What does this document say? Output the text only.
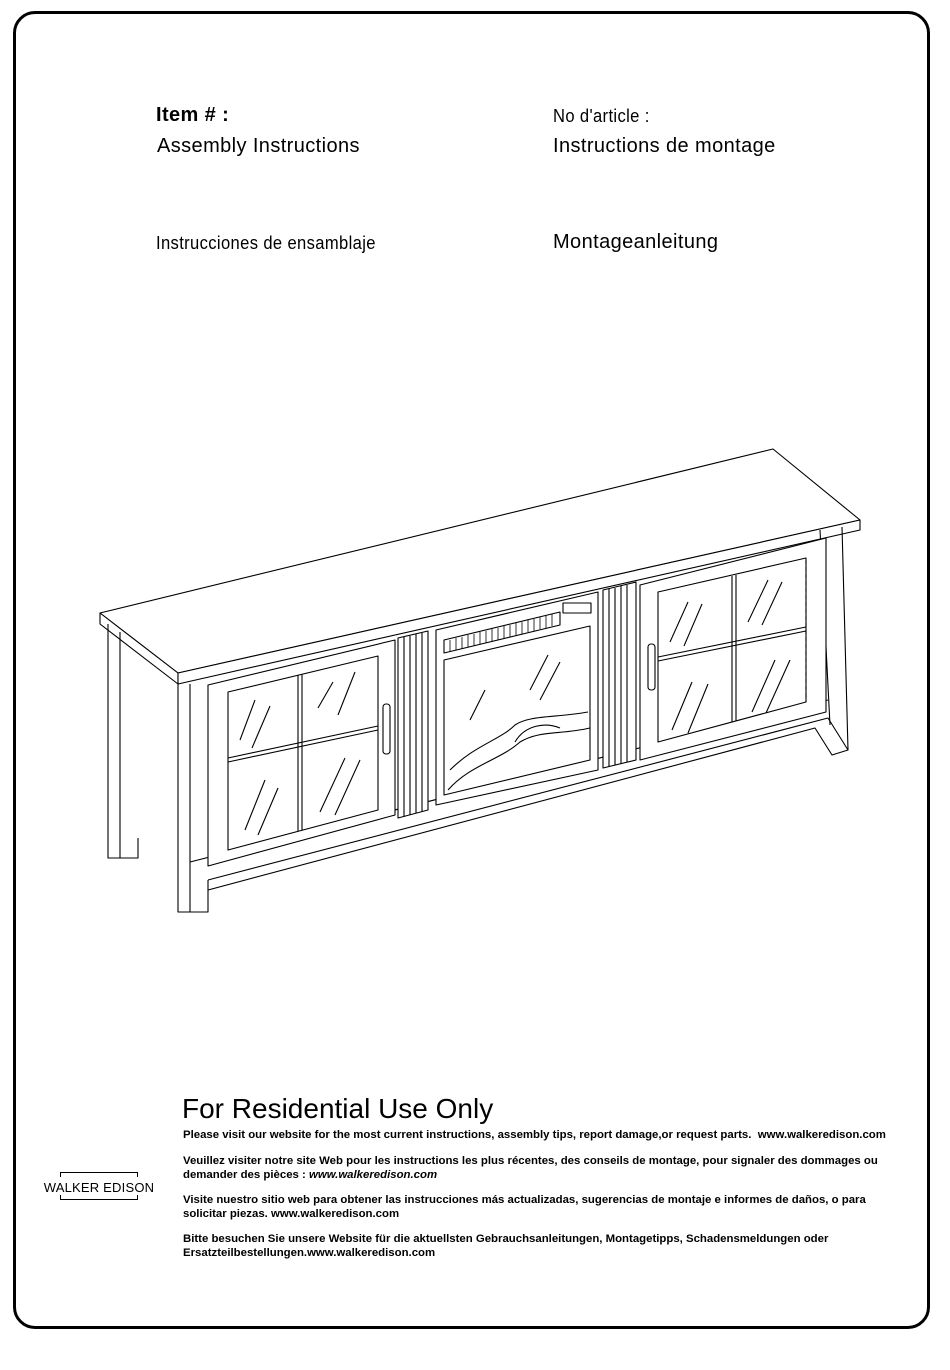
Item # :	No d'article :
Assembly Instructions	Instructions de montage
Instrucciones de ensamblaje	Montageanleitung
For Residential Use Only
Please visit our website for the most current instructions, assembly tips, report damage,or request parts. www.walkeredison.com
Veuillez visiter notre site Web pour les instructions les plus récentes, des conseils de montage, pour signaler des dommages ou demander des pièces : www.walkeredison.com
Visite nuestro sitio web para obtener las instrucciones más actualizadas, sugerencias de montaje e informes de daños, o para solicitar piezas. www.walkeredison.com
Bitte besuchen Sie unsere Website für die aktuellsten Gebrauchsanleitungen, Montagetipps, Schadensmeldungen oder Ersatzteilbestellungen.www.walkeredison.com
WALKER EDISON
